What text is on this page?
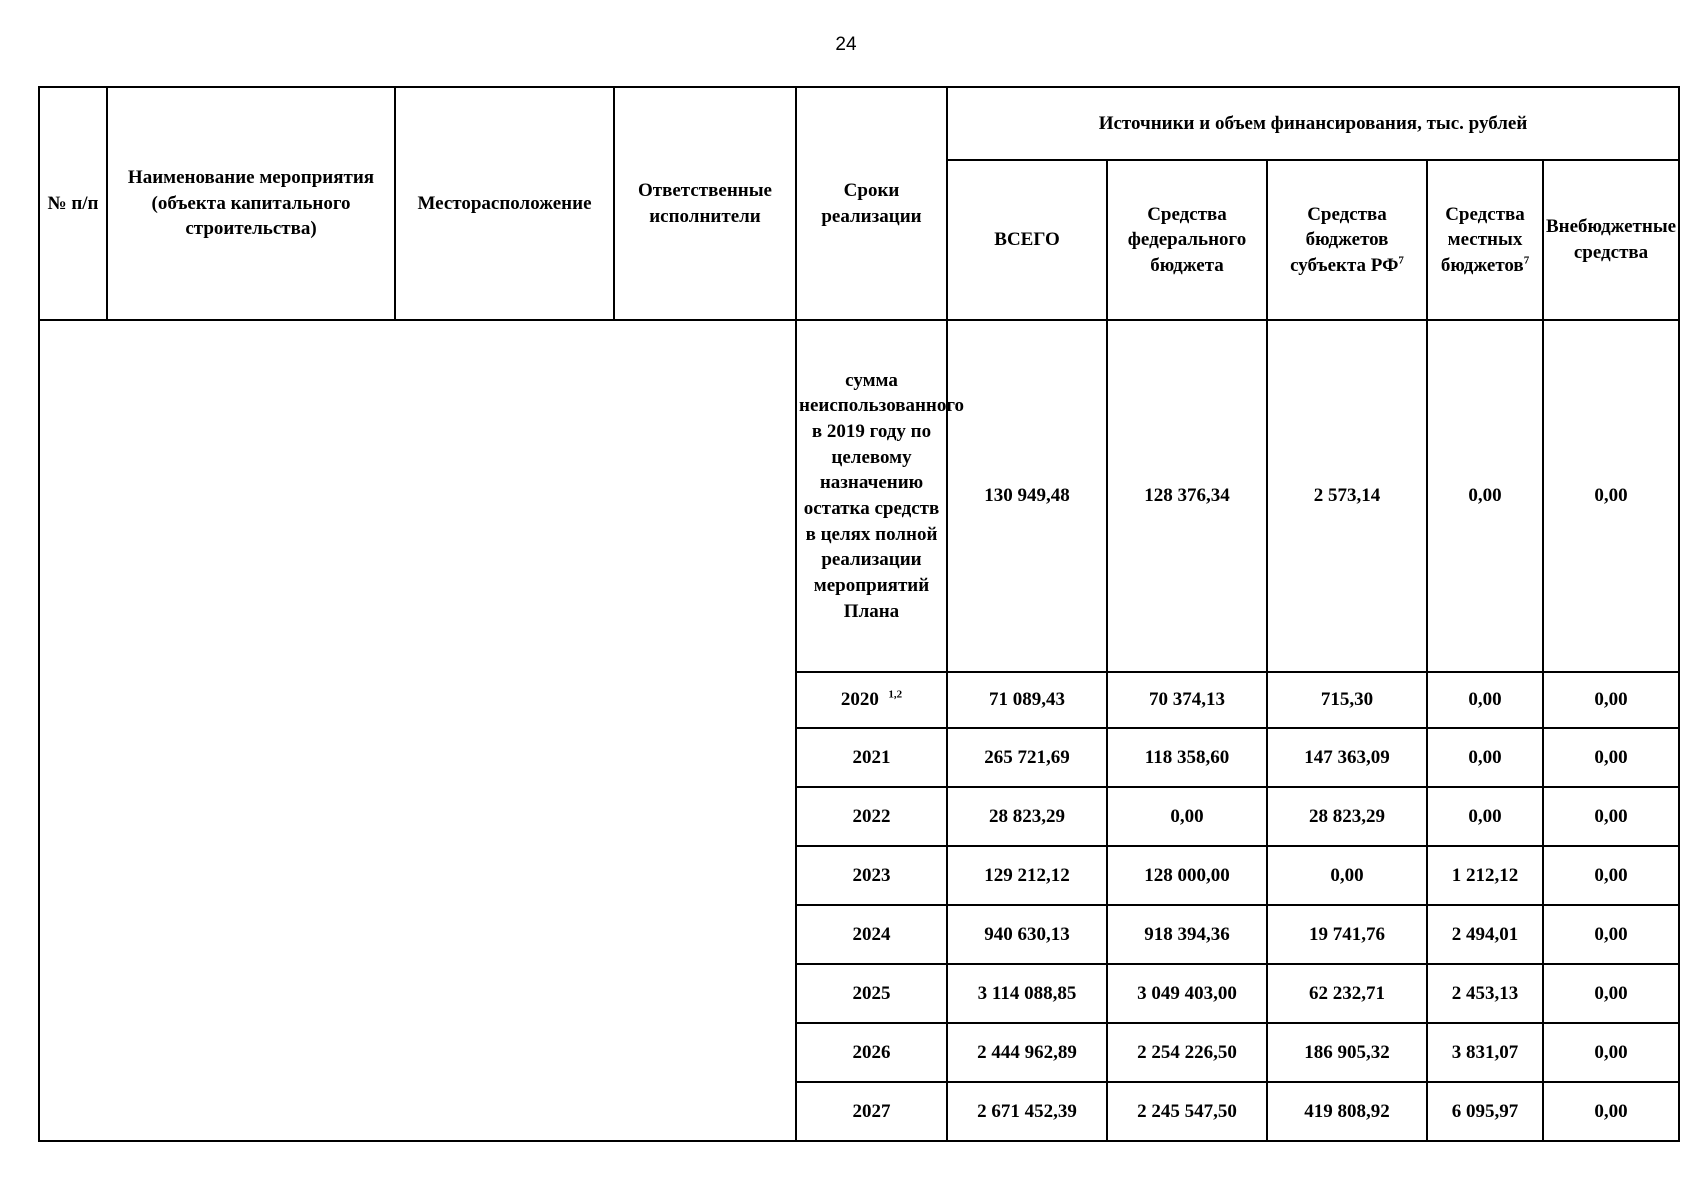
24
№ п/п	Наименование мероприятия (объекта капитального строительства)	Месторасположение	Ответственные исполнители	Сроки реализации	Источники и объем финансирования, тыс. рублей				
					ВСЕГО	Средства федерального бюджета	Средства бюджетов субъекта $РФ^7$	Средства местных бюджетов$^7$	Внебюджетные средства
				сумма неиспользованного в 2019 году по целевому назначению остатка средств в целях полной реализации мероприятий Плана	130 949,48	128 376,34	2 573,14	0,00	0,00
				2020 $^{1,2}$	71 089,43	70 374,13	715,30	0,00	0,00
				2021	265 721,69	118 358,60	147 363,09	0,00	0,00
				2022	28 823,29	0,00	28 823,29	0,00	0,00
				2023	129 212,12	128 000,00	0,00	1 212,12	0,00
				2024	940 630,13	918 394,36	19 741,76	2 494,01	0,00
				2025	3 114 088,85	3 049 403,00	62 232,71	2 453,13	0,00
				2026	2 444 962,89	2 254 226,50	186 905,32	3 831,07	0,00
				2027	2 671 452,39	2 245 547,50	419 808,92	6 095,97	0,00
